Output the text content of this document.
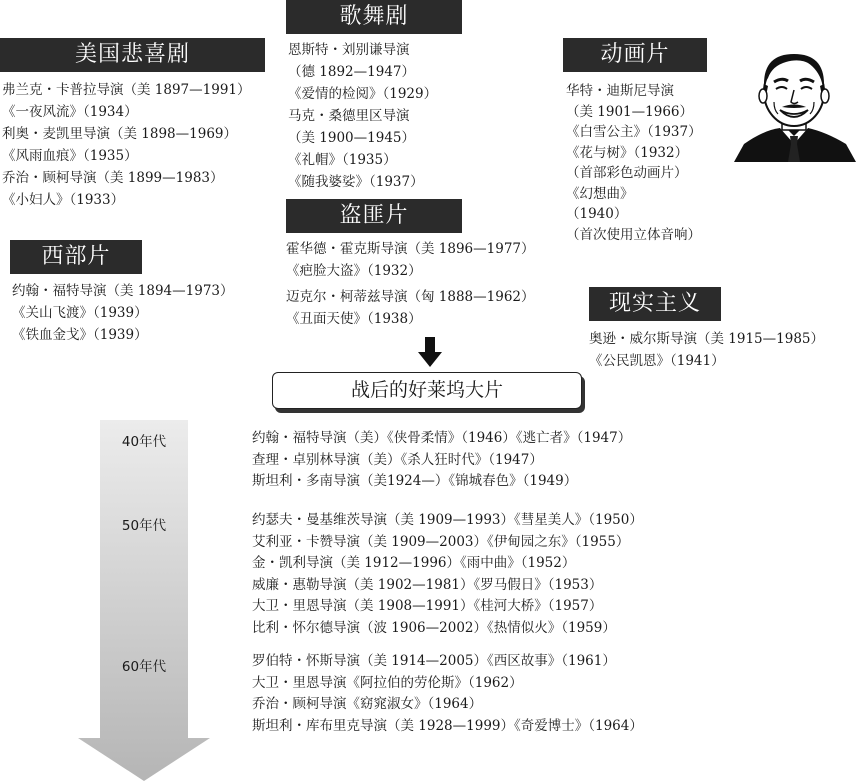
歌舞剧
恩斯特・刘别谦导演
（德 1892—1947）
《爱情的检阅》（1929）
马克・桑德里区导演
（美 1900—1945）
《礼帽》（1935）
《随我婆娑》（1937）
美国悲喜剧
弗兰克・卡普拉导演（美 1897—1991）
《一夜风流》（1934）
利奥・麦凯里导演（美 1898—1969）
《风雨血痕》（1935）
乔治・顾柯导演（美 1899—1983）
《小妇人》（1933）
动画片
华特・迪斯尼导演
（美 1901—1966）
《白雪公主》（1937）
《花与树》（1932）
（首部彩色动画片）
《幻想曲》
（1940）
（首次使用立体音响）
西部片
约翰・福特导演（美 1894—1973）
《关山飞渡》（1939）
《铁血金戈》（1939）
盗匪片
霍华德・霍克斯导演（美 1896—1977）
《疤脸大盗》（1932）
迈克尔・柯蒂兹导演（匈 1888—1962）
《丑面天使》（1938）
现实主义
奥逊・威尔斯导演（美 1915—1985）
《公民凯恩》（1941）
战后的好莱坞大片
40年代
50年代
60年代
约翰・福特导演（美）《侠骨柔情》（1946）《逃亡者》（1947）
查理・卓别林导演（美）《杀人狂时代》（1947）
斯坦利・多南导演（美1924—）《锦城春色》（1949）
约瑟夫・曼基维茨导演（美 1909—1993）《彗星美人》（1950）
艾利亚・卡赞导演（美 1909—2003）《伊甸园之东》（1955）
金・凯利导演（美 1912—1996）《雨中曲》（1952）
威廉・惠勒导演（美 1902—1981）《罗马假日》（1953）
大卫・里恩导演（美 1908—1991）《桂河大桥》（1957）
比利・怀尔德导演（波 1906—2002）《热情似火》（1959）
罗伯特・怀斯导演（美 1914—2005）《西区故事》（1961）
大卫・里恩导演《阿拉伯的劳伦斯》（1962）
乔治・顾柯导演《窈窕淑女》（1964）
斯坦利・库布里克导演（美 1928—1999）《奇爱博士》（1964）
